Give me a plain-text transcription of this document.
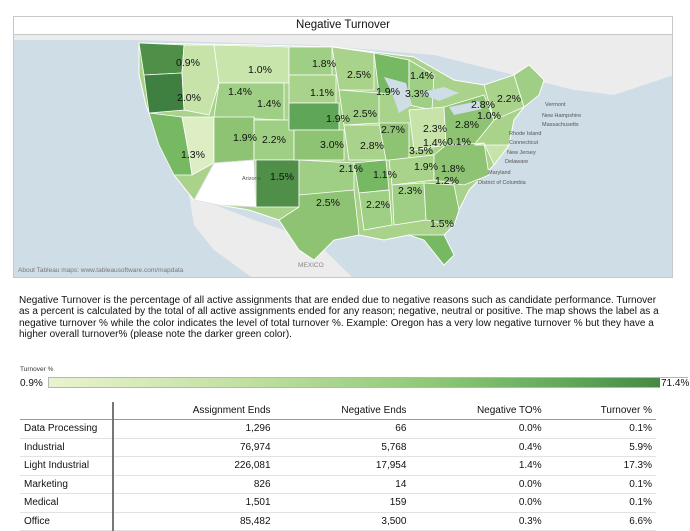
Negative Turnover
Arizona
Vermont
New Hampshire
Massachusetts
Rhode Island
Connecticut
New Jersey
Delaware
Maryland
District of Columbia
MEXICO
0.9%
1.0%	1.8%
2.5%
1.4%
2.0%	1.4%
1.1%
1.4%
1.9% 3.3%
2.8% 2.2%
1.0%
2.5%
1.9%
2.7% 2.3% 2.8%
1.3%
1.9% 2.2%	3.0% 2.8%	1.4% 0.1%
3.5%
1.5%
2.1% 1.1%
1.9% 1.8%
1.2%
2.3%
2.5% 2.2%
1.5%
About Tableau maps: www.tableausoftware.com/mapdata
Negative Turnover is the percentage of all active assignments that are ended due to negative reasons such as candidate performance. Turnover as a percent is calculated by the total of all active assignments ended for any reason; negative, neutral or positive. The map shows the label as a negative turnover % while the color indicates the level of total turnover %. Example: Oregon has a very low negative turnover % but they have a higher overall turnover% (please note the darker green color).
Turnover %
0.9%	71.4%
	Assignment Ends	Negative Ends	Negative TO%	Turnover %
Data Processing	1,296	66	0.0%	0.1%
Industrial	76,974	5,768	0.4%	5.9%
Light Industrial	226,081	17,954	1.4%	17.3%
Marketing	826	14	0.0%	0.1%
Medical	1,501	159	0.0%	0.1%
Office	85,482	3,500	0.3%	6.6%
